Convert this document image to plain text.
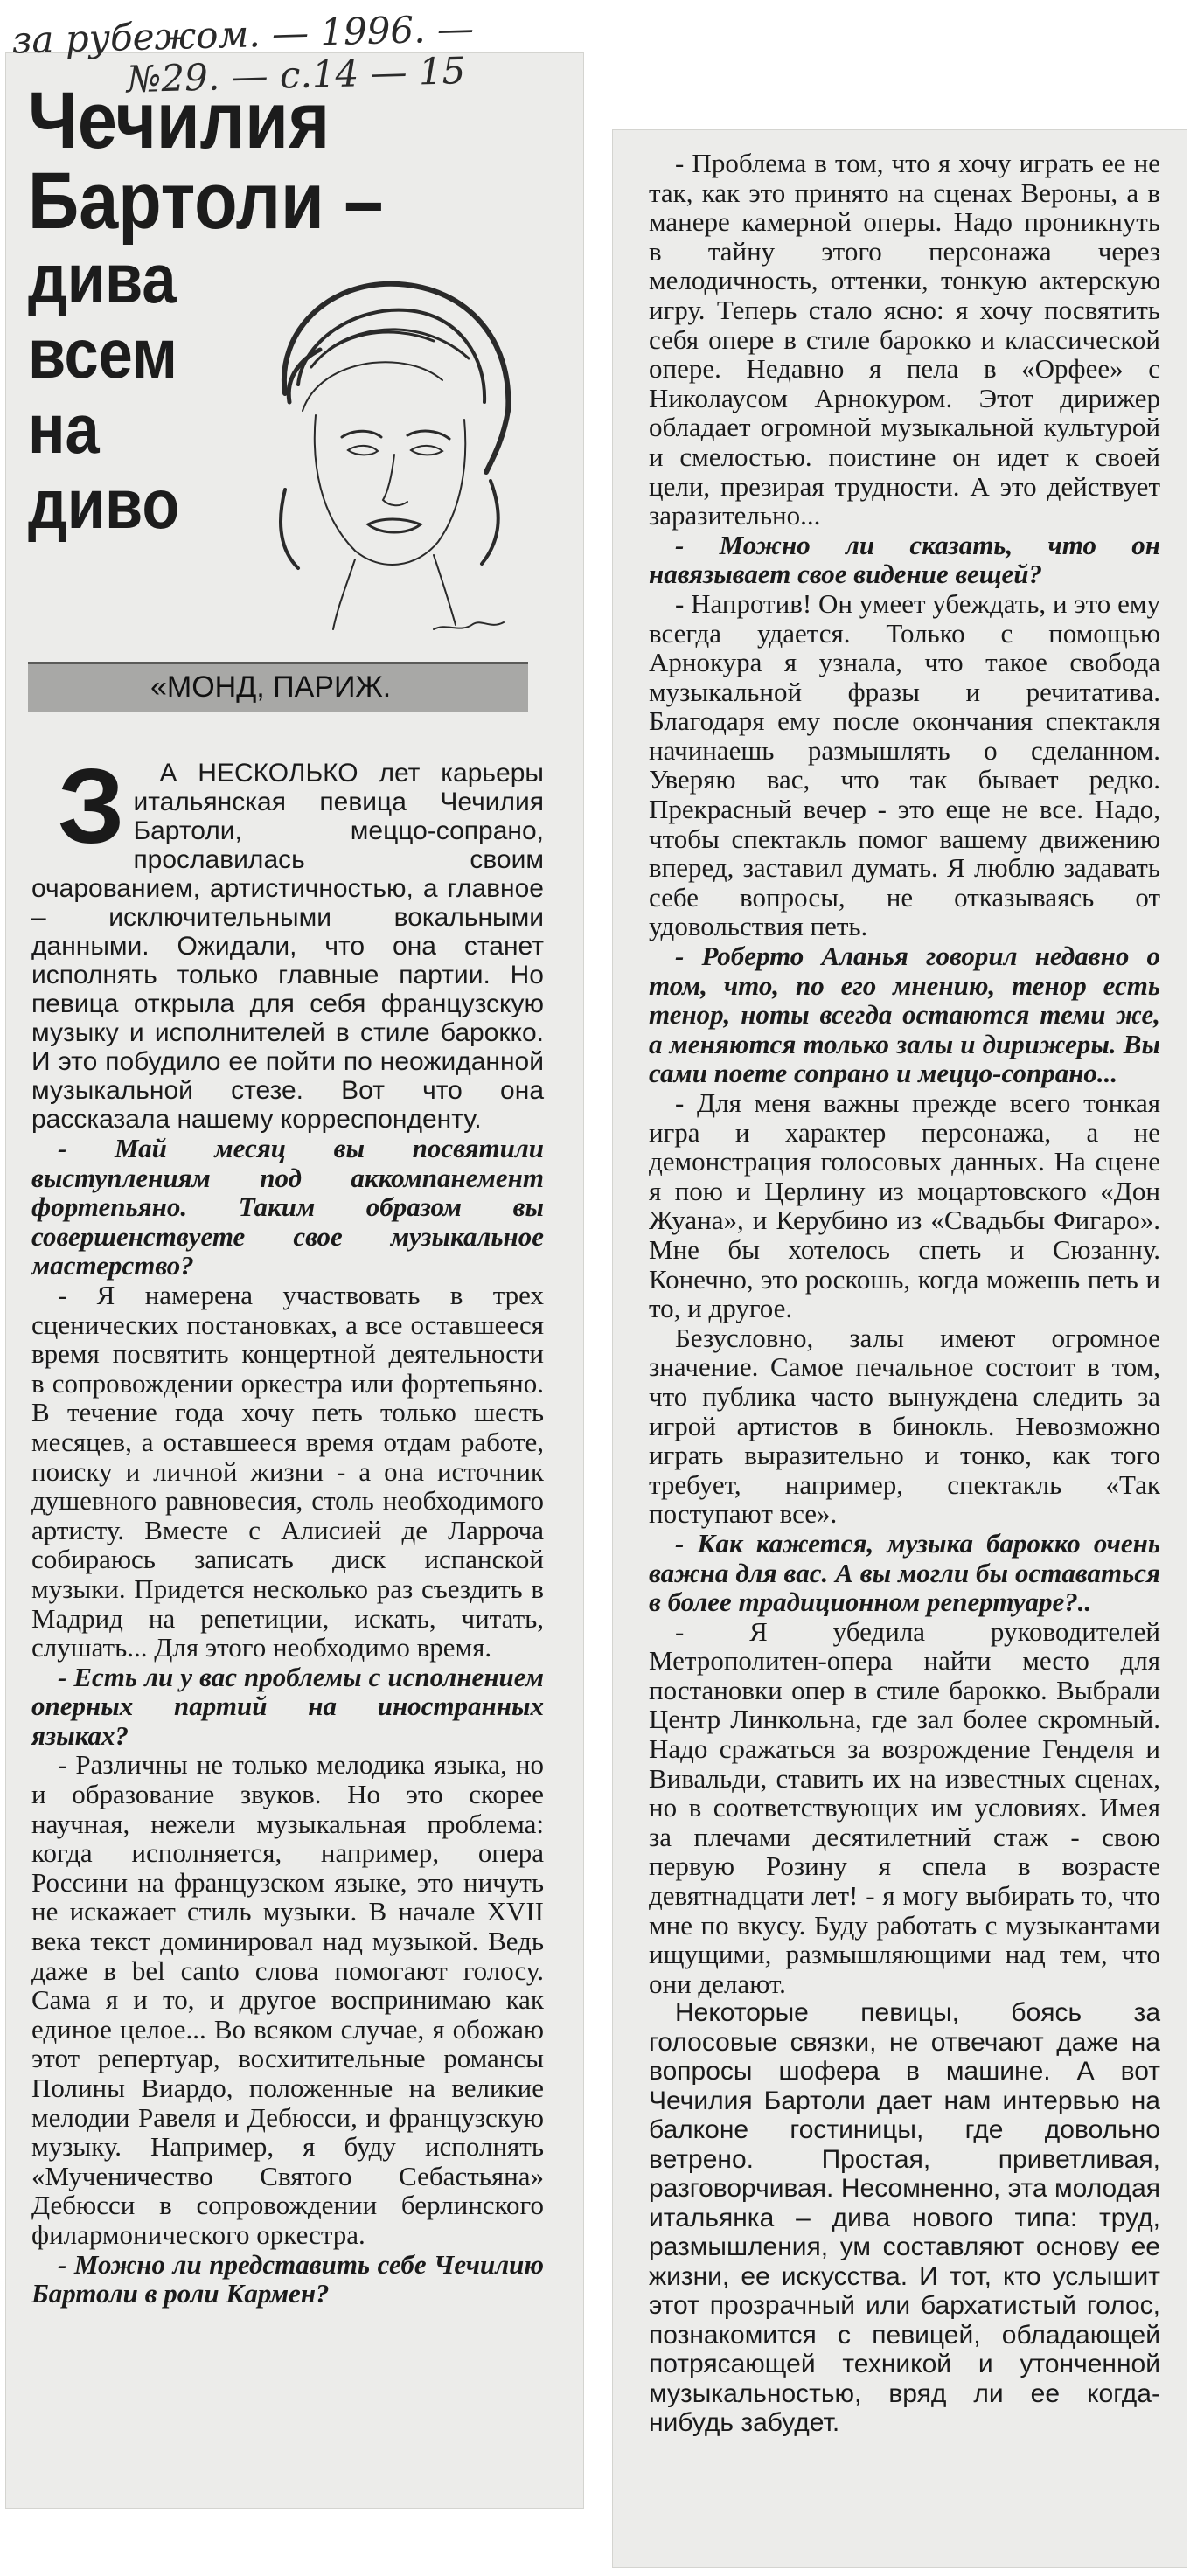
за рубежом. — 1996. —
№29. — с.14 — 15
Чечилия
Бартоли –
дива
всем
на
диво
«МОНД, ПАРИЖ.

З А НЕСКОЛЬКО лет карьеры итальянская певица Чечилия Бартоли, меццо-сопрано, прославилась своим очарованием, артистичностью, а главное – исключительными вокальными данными. Ожидали, что она станет исполнять только главные партии. Но певица открыла для себя французскую музыку и исполнителей в стиле барокко. И это побудило ее пойти по неожиданной музыкальной стезе. Вот что она рассказала нашему корреспонденту.

- Май месяц вы посвятили выступлениям под аккомпанемент фортепьяно. Таким образом вы совершенствуете свое музыкальное мастерство?

- Я намерена участвовать в трех сценических постановках, а все оставшееся время посвятить концертной деятельности в сопровождении оркестра или фортепьяно. В течение года хочу петь только шесть месяцев, а оставшееся время отдам работе, поиску и личной жизни - а она источник душевного равновесия, столь необходимого артисту. Вместе с Алисией де Ларроча собираюсь записать диск испанской музыки. Придется несколько раз съездить в Мадрид на репетиции, искать, читать, слушать... Для этого необходимо время.

- Есть ли у вас проблемы с исполнением оперных партий на иностранных языках?

- Различны не только мелодика языка, но и образование звуков. Но это скорее научная, нежели музыкальная проблема: когда исполняется, например, опера Россини на французском языке, это ничуть не искажает стиль музыки. В начале XVII века текст доминировал над музыкой. Ведь даже в bel canto слова помогают голосу. Сама я и то, и другое воспринимаю как единое целое... Во всяком случае, я обожаю этот репертуар, восхитительные романсы Полины Виардо, положенные на великие мелодии Равеля и Дебюсси, и французскую музыку. Например, я буду исполнять «Мученичество Святого Себастьяна» Дебюсси в сопровождении берлинского филармонического оркестра.

- Можно ли представить себе Чечилию Бартоли в роли Кармен?

- Проблема в том, что я хочу играть ее не так, как это принято на сценах Вероны, а в манере камерной оперы. Надо проникнуть в тайну этого персонажа через мелодичность, оттенки, тонкую актерскую игру. Теперь стало ясно: я хочу посвятить себя опере в стиле барокко и классической опере. Недавно я пела в «Орфее» с Николаусом Арнокуром. Этот дирижер обладает огромной музыкальной культурой и смелостью. поистине он идет к своей цели, презирая трудности. А это действует заразительно...

- Можно ли сказать, что он навязывает свое видение вещей?

- Напротив! Он умеет убеждать, и это ему всегда удается. Только с помощью Арнокура я узнала, что такое свобода музыкальной фразы и речитатива. Благодаря ему после окончания спектакля начинаешь размышлять о сделанном. Уверяю вас, что так бывает редко. Прекрасный вечер - это еще не все. Надо, чтобы спектакль помог вашему движению вперед, заставил думать. Я люблю задавать себе вопросы, не отказываясь от удовольствия петь.

- Роберто Аланья говорил недавно о том, что, по его мнению, тенор есть тенор, ноты всегда остаются теми же, а меняются только залы и дирижеры. Вы сами поете сопрано и меццо-сопрано...

- Для меня важны прежде всего тонкая игра и характер персонажа, а не демонстрация голосовых данных. На сцене я пою и Церлину из моцартовского «Дон Жуана», и Керубино из «Свадьбы Фигаро». Мне бы хотелось спеть и Сюзанну. Конечно, это роскошь, когда можешь петь и то, и другое.

Безусловно, залы имеют огромное значение. Самое печальное состоит в том, что публика часто вынуждена следить за игрой артистов в бинокль. Невозможно играть выразительно и тонко, как того требует, например, спектакль «Так поступают все».

- Как кажется, музыка барокко очень важна для вас. А вы могли бы оставаться в более традиционном репертуаре?..

- Я убедила руководителей Метрополитен-опера найти место для постановки опер в стиле барокко. Выбрали Центр Линкольна, где зал более скромный. Надо сражаться за возрождение Генделя и Вивальди, ставить их на известных сценах, но в соответствующих им условиях. Имея за плечами десятилетний стаж - свою первую Розину я спела в возрасте девятнадцати лет! - я могу выбирать то, что мне по вкусу. Буду работать с музыкантами ищущими, размышляющими над тем, что они делают.

Некоторые певицы, боясь за голосовые связки, не отвечают даже на вопросы шофера в машине. А вот Чечилия Бартоли дает нам интервью на балконе гостиницы, где довольно ветрено. Простая, приветливая, разговорчивая. Несомненно, эта молодая итальянка – дива нового типа: труд, размышления, ум составляют основу ее жизни, ее искусства. И тот, кто услышит этот прозрачный или бархатистый голос, познакомится с певицей, обладающей потрясающей техникой и утонченной музыкальностью, вряд ли ее когда-нибудь забудет.
